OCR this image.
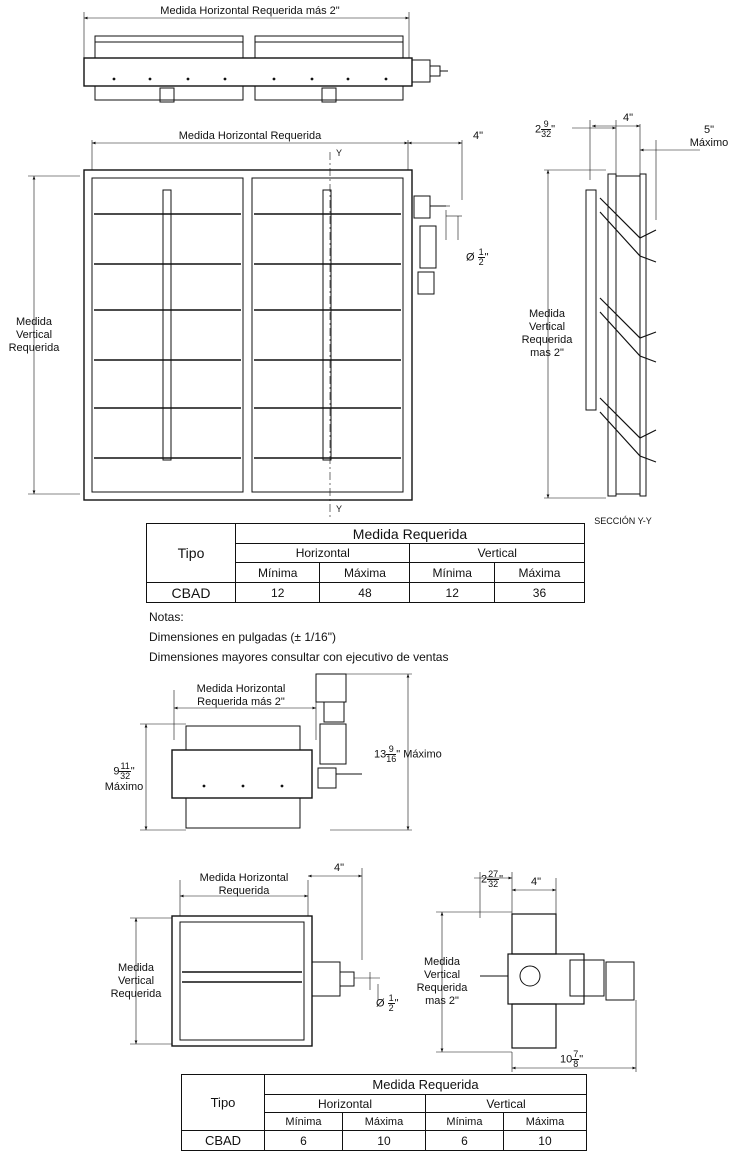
Medida Horizontal Requerida más 2"
Medida Horizontal Requerida	4"
Medida
Vertical
Requerida
Y
Y
Ø $\frac{1}{2}$ "
$2 \frac{9}{32}$ "
4"
5"
Máximo
Medida
Vertical
Requerida
mas 2"
SECCIÓN Y-Y
Tipo	Medida Requerida			
	Horizontal		Vertical	
	Mínima	Máxima	Mínima	Máxima
CBAD	12	48	12	36
Notas:
Dimensiones en pulgadas (± 1/16")
Dimensiones mayores consultar con ejecutivo de ventas
Medida Horizontal
Requerida más 2"
$9 \frac{11}{32}$ "
Máximo
$13 \frac{9}{16}$ " Máximo
Medida Horizontal
Requerida
4"
Medida
Vertical
Requerida
Ø $\frac{1}{2}$ "
$2 \frac{27}{32}$ "	4"
Medida
Vertical
Requerida
mas 2"
$10 \frac{7}{8}$ "
Tipo	Medida Requerida			
	Horizontal		Vertical	
	Mínima	Máxima	Mínima	Máxima
CBAD	6	10	6	10
